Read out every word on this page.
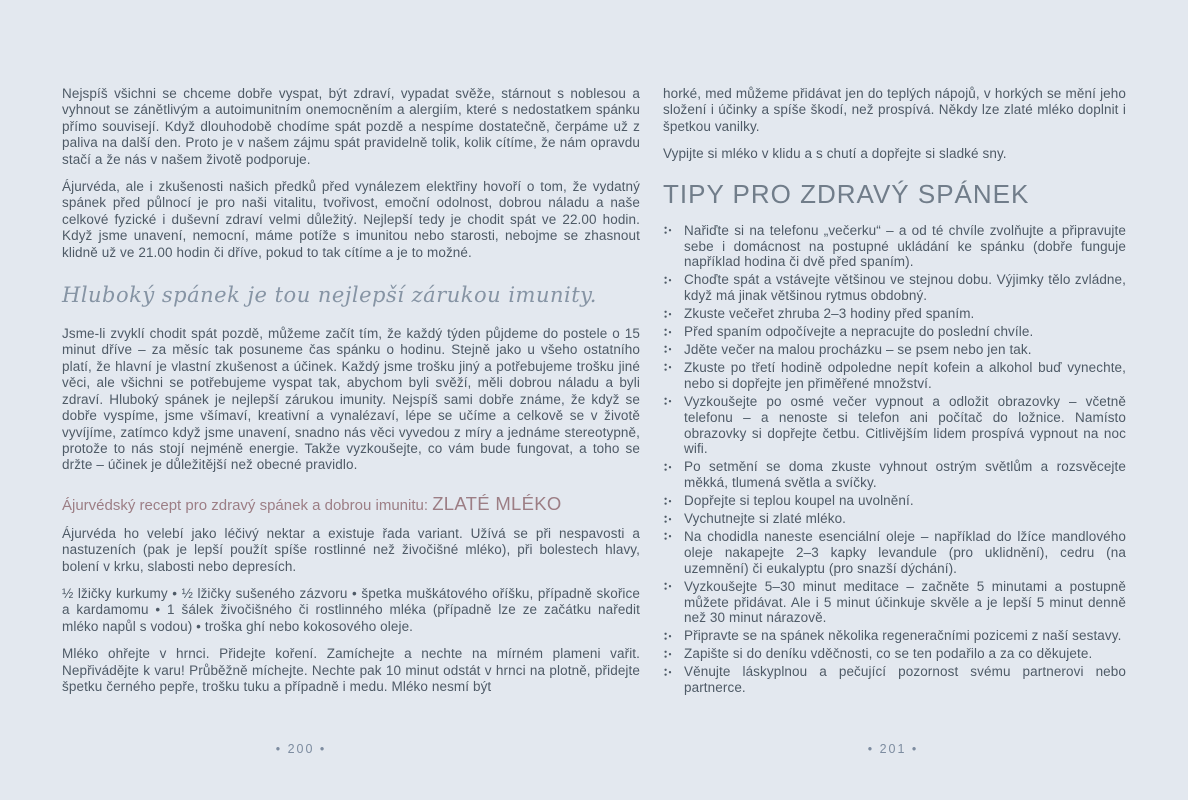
Nejspíš všichni se chceme dobře vyspat, být zdraví, vypadat svěže, stárnout s noblesou a vyhnout se zánětlivým a autoimunitním onemocněním a alergiím, které s nedostatkem spánku přímo souvisejí. Když dlouhodobě chodíme spát pozdě a nespíme dostatečně, čerpáme už z paliva na další den. Proto je v našem zájmu spát pravidelně tolik, kolik cítíme, že nám opravdu stačí a že nás v našem životě podporuje.

Ájurvéda, ale i zkušenosti našich předků před vynálezem elektřiny hovoří o tom, že vydatný spánek před půlnocí je pro naši vitalitu, tvořivost, emoční odolnost, dobrou náladu a naše celkové fyzické i duševní zdraví velmi důležitý. Nejlepší tedy je chodit spát ve 22.00 hodin. Když jsme unavení, nemocní, máme potíže s imunitou nebo starosti, nebojme se zhasnout klidně už ve 21.00 hodin či dříve, pokud to tak cítíme a je to možné.

Hluboký spánek je tou nejlepší zárukou imunity.

Jsme-li zvyklí chodit spát pozdě, můžeme začít tím, že každý týden půjdeme do postele o 15 minut dříve – za měsíc tak posuneme čas spánku o hodinu. Stejně jako u všeho ostatního platí, že hlavní je vlastní zkušenost a účinek. Každý jsme trošku jiný a potřebujeme trošku jiné věci, ale všichni se potřebujeme vyspat tak, abychom byli svěží, měli dobrou náladu a byli zdraví. Hluboký spánek je nejlepší zárukou imunity. Nejspíš sami dobře známe, že když se dobře vyspíme, jsme všímaví, kreativní a vynalézaví, lépe se učíme a celkově se v životě vyvíjíme, zatímco když jsme unavení, snadno nás věci vyvedou z míry a jednáme stereotypně, protože to nás stojí nejméně energie. Takže vyzkoušejte, co vám bude fungovat, a toho se držte – účinek je důležitější než obecné pravidlo.

Ájurvédský recept pro zdravý spánek a dobrou imunitu: ZLATÉ MLÉKO

Ájurvéda ho velebí jako léčivý nektar a existuje řada variant. Užívá se při nespavosti a nastuzeních (pak je lepší použít spíše rostlinné než živočišné mléko), při bolestech hlavy, bolení v krku, slabosti nebo depresích.

½ lžičky kurkumy • ½ lžičky sušeného zázvoru • špetka muškátového oříšku, případně skořice a kardamomu • 1 šálek živočišného či rostlinného mléka (případně lze ze začátku naředit mléko napůl s vodou) • troška ghí nebo kokosového oleje.

Mléko ohřejte v hrnci. Přidejte koření. Zamíchejte a nechte na mírném plameni vařit. Nepřivádějte k varu! Průběžně míchejte. Nechte pak 10 minut odstát v hrnci na plotně, přidejte špetku černého pepře, trošku tuku a případně i medu. Mléko nesmí být

horké, med můžeme přidávat jen do teplých nápojů, v horkých se mění jeho složení i účinky a spíše škodí, než prospívá. Někdy lze zlaté mléko doplnit i špetkou vanilky.

Vypijte si mléko v klidu a s chutí a dopřejte si sladké sny.

TIPY PRO ZDRAVÝ SPÁNEK
Nařiďte si na telefonu „večerku“ – a od té chvíle zvolňujte a připravujte sebe i domácnost na postupné ukládání ke spánku (dobře funguje například hodina či dvě před spaním).
Choďte spát a vstávejte většinou ve stejnou dobu. Výjimky tělo zvládne, když má jinak většinou rytmus obdobný.
Zkuste večeřet zhruba 2–3 hodiny před spaním.
Před spaním odpočívejte a nepracujte do poslední chvíle.
Jděte večer na malou procházku – se psem nebo jen tak.
Zkuste po třetí hodině odpoledne nepít kofein a alkohol buď vynechte, nebo si dopřejte jen přiměřené množství.
Vyzkoušejte po osmé večer vypnout a odložit obrazovky – včetně telefonu – a nenoste si telefon ani počítač do ložnice. Namísto obrazovky si dopřejte četbu. Citlivějším lidem prospívá vypnout na noc wifi.
Po setmění se doma zkuste vyhnout ostrým světlům a rozsvěcejte měkká, tlumená světla a svíčky.
Dopřejte si teplou koupel na uvolnění.
Vychutnejte si zlaté mléko.
Na chodidla naneste esenciální oleje – například do lžíce mandlového oleje nakapejte 2–3 kapky levandule (pro uklidnění), cedru (na uzemnění) či eukalyptu (pro snazší dýchání).
Vyzkoušejte 5–30 minut meditace – začněte 5 minutami a postupně můžete přidávat. Ale i 5 minut účinkuje skvěle a je lepší 5 minut denně než 30 minut nárazově.
Připravte se na spánek několika regeneračními pozicemi z naší sestavy.
Zapište si do deníku vděčnosti, co se ten podařilo a za co děkujete.
Věnujte láskyplnou a pečující pozornost svému partnerovi nebo partnerce.
• 200 •	• 201 •
